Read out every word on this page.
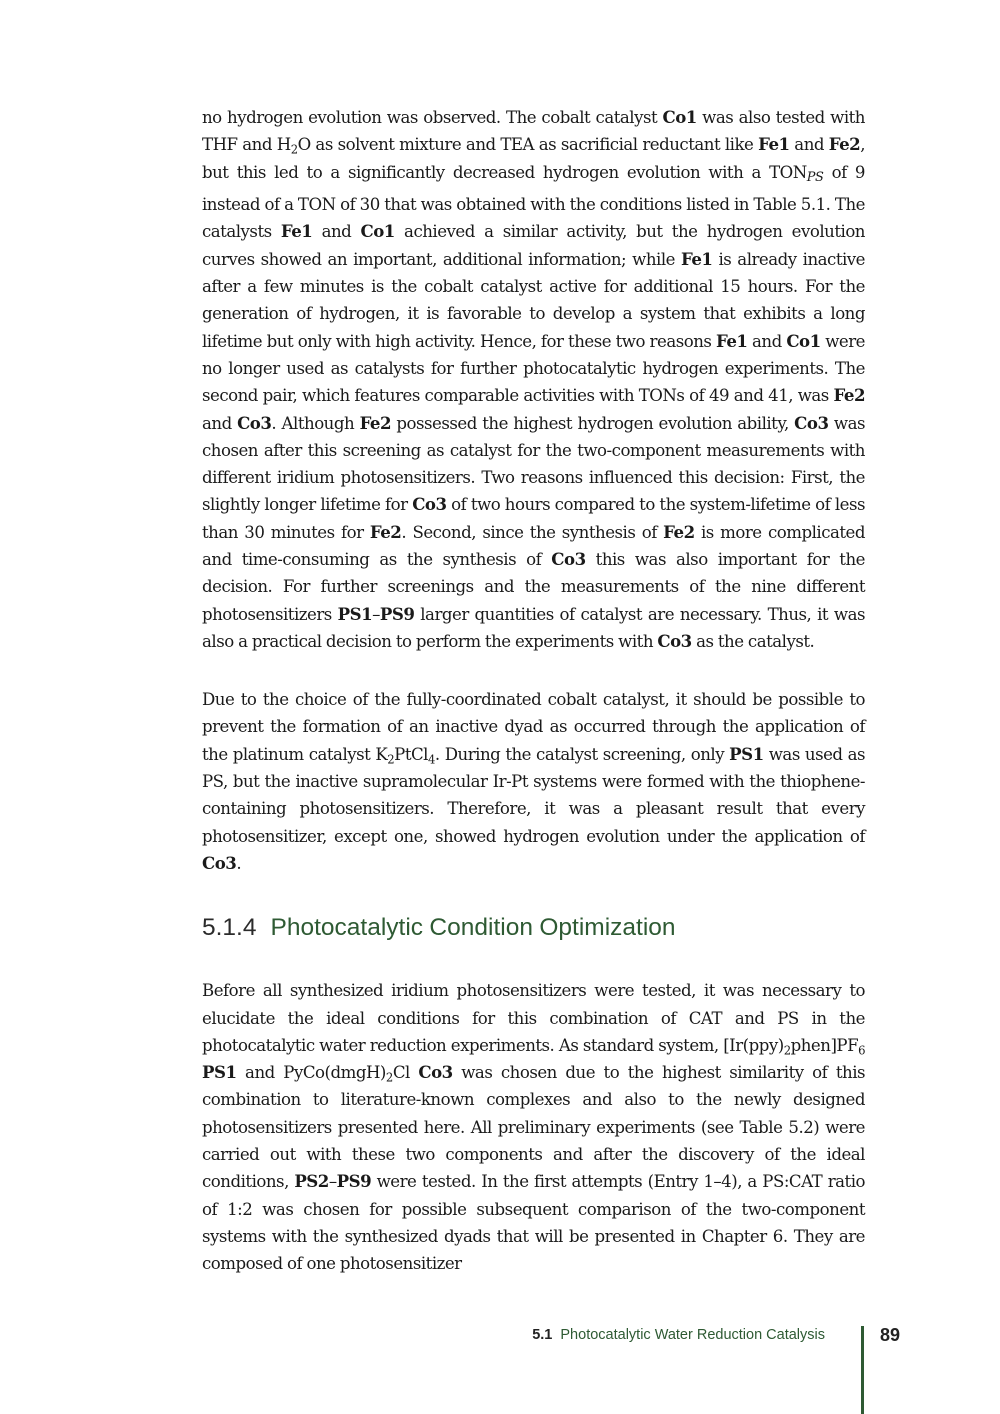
no hydrogen evolution was observed. The cobalt catalyst Co1 was also tested with THF and $H_2O$ as solvent mixture and TEA as sacrificial reductant like Fe1 and Fe2, but this led to a significantly decreased hydrogen evolution with a TONPS of 9 instead of a TON of 30 that was obtained with the conditions listed in Table 5.1. The catalysts Fe1 and Co1 achieved a similar activity, but the hydrogen evolution curves showed an important, additional information; while Fe1 is already inactive after a few minutes is the cobalt catalyst active for additional 15 hours. For the generation of hydrogen, it is favorable to develop a system that exhibits a long lifetime but only with high activity. Hence, for these two reasons Fe1 and Co1 were no longer used as catalysts for further photocatalytic hydrogen experiments. The second pair, which features comparable activities with TONs of 49 and 41, was Fe2 and Co3. Although Fe2 possessed the highest hydrogen evolution ability, Co3 was chosen after this screening as catalyst for the two-component measurements with different iridium photosensitizers. Two reasons influenced this decision: First, the slightly longer lifetime for Co3 of two hours compared to the system-lifetime of less than 30 minutes for Fe2. Second, since the synthesis of Fe2 is more complicated and time-consuming as the synthesis of Co3 this was also important for the decision. For further screenings and the measurements of the nine different photosensitizers PS1–PS9 larger quantities of catalyst are necessary. Thus, it was also a practical decision to perform the experiments with Co3 as the catalyst.

Due to the choice of the fully-coordinated cobalt catalyst, it should be possible to prevent the formation of an inactive dyad as occurred through the application of the platinum catalyst $K_2PtCl_4$. During the catalyst screening, only PS1 was used as PS, but the inactive supramolecular Ir-Pt systems were formed with the thiophene-containing photosensitizers. Therefore, it was a pleasant result that every photosensitizer, except one, showed hydrogen evolution under the application of Co3.

5.1.4 Photocatalytic Condition Optimization

Before all synthesized iridium photosensitizers were tested, it was necessary to elucidate the ideal conditions for this combination of CAT and PS in the photocatalytic water reduction experiments. As standard system, $[Ir(ppy)_2phen]PF_6$ PS1 and $PyCo(dmgH)_2Cl$ Co3 was chosen due to the highest similarity of this combination to literature-known complexes and also to the newly designed photosensitizers presented here. All preliminary experiments (see Table 5.2) were carried out with these two components and after the discovery of the ideal conditions, PS2–PS9 were tested. In the first attempts (Entry 1–4), a PS:CAT ratio of 1:2 was chosen for possible subsequent comparison of the two-component systems with the synthesized dyads that will be presented in Chapter 6. They are composed of one photosensitizer

5.1 Photocatalytic Water Reduction Catalysis	89
